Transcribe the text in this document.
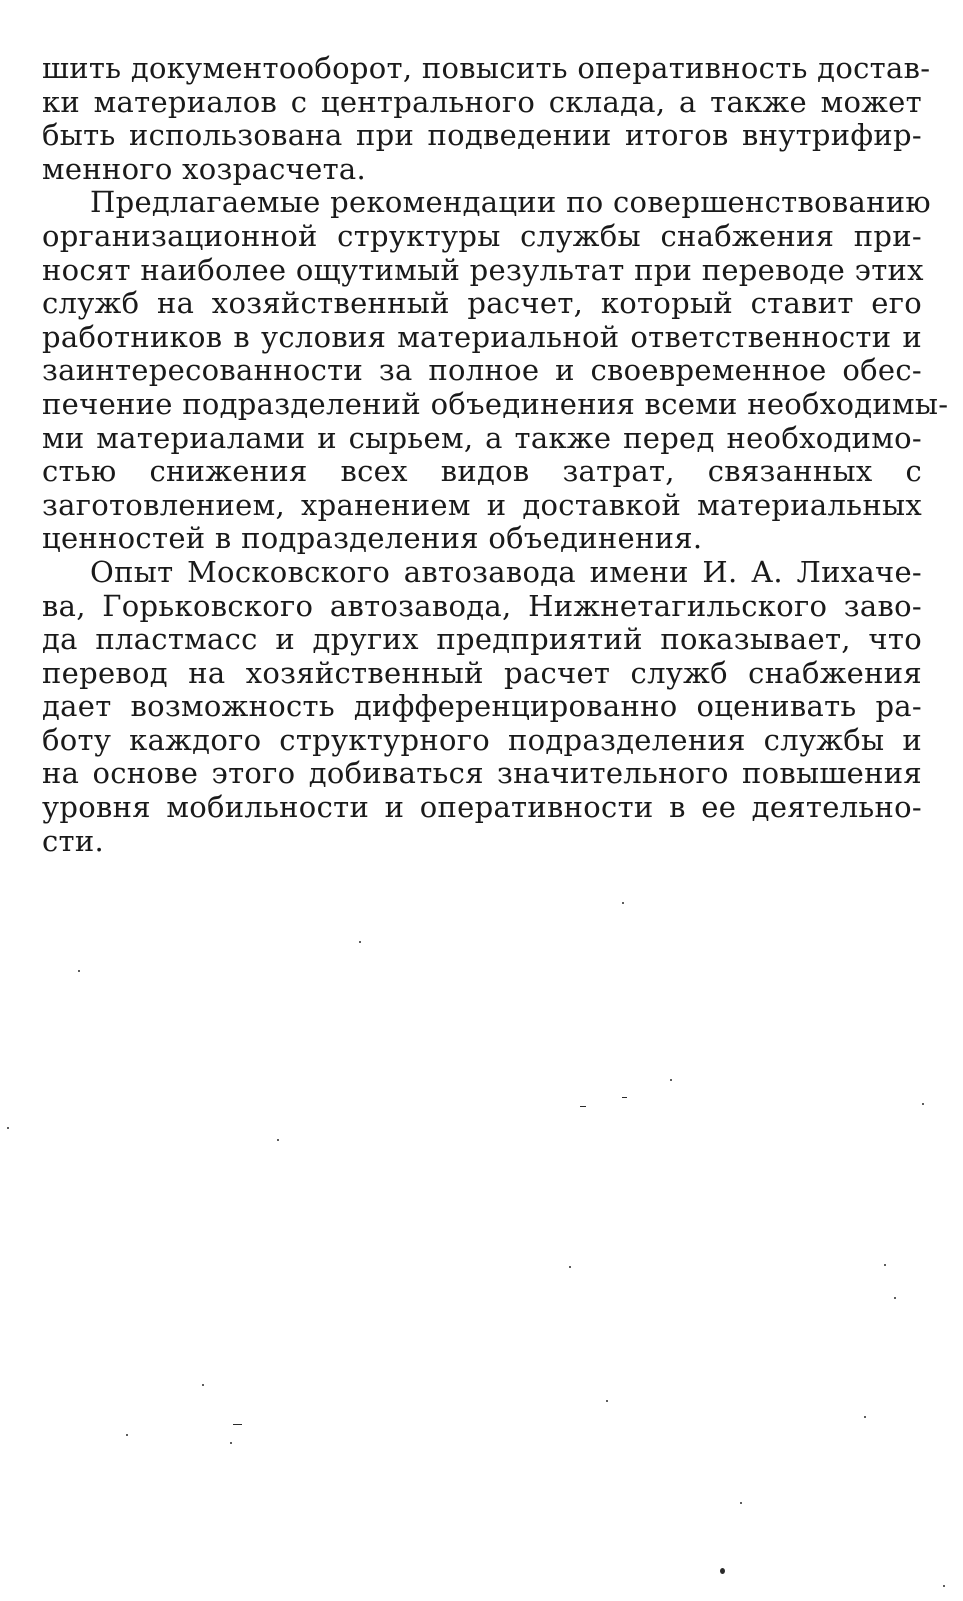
шить документооборот, повысить оперативность достав-
ки материалов с центрального склада, а также может
быть использована при подведении итогов внутрифир-
менного хозрасчета.
Предлагаемые рекомендации по совершенствованию
организационной структуры службы снабжения при-
носят наиболее ощутимый результат при переводе этих
служб на хозяйственный расчет, который ставит его
работников в условия материальной ответственности и
заинтересованности за полное и своевременное обес-
печение подразделений объединения всеми необходимы-
ми материалами и сырьем, а также перед необходимо-
стью снижения всех видов затрат, связанных с
заготовлением, хранением и доставкой материальных
ценностей в подразделения объединения.
Опыт Московского автозавода имени И. А. Лихаче-
ва, Горьковского автозавода, Нижнетагильского заво-
да пластмасс и других предприятий показывает, что
перевод на хозяйственный расчет служб снабжения
дает возможность дифференцированно оценивать ра-
боту каждого структурного подразделения службы и
на основе этого добиваться значительного повышения
уровня мобильности и оперативности в ее деятельно-
сти.
